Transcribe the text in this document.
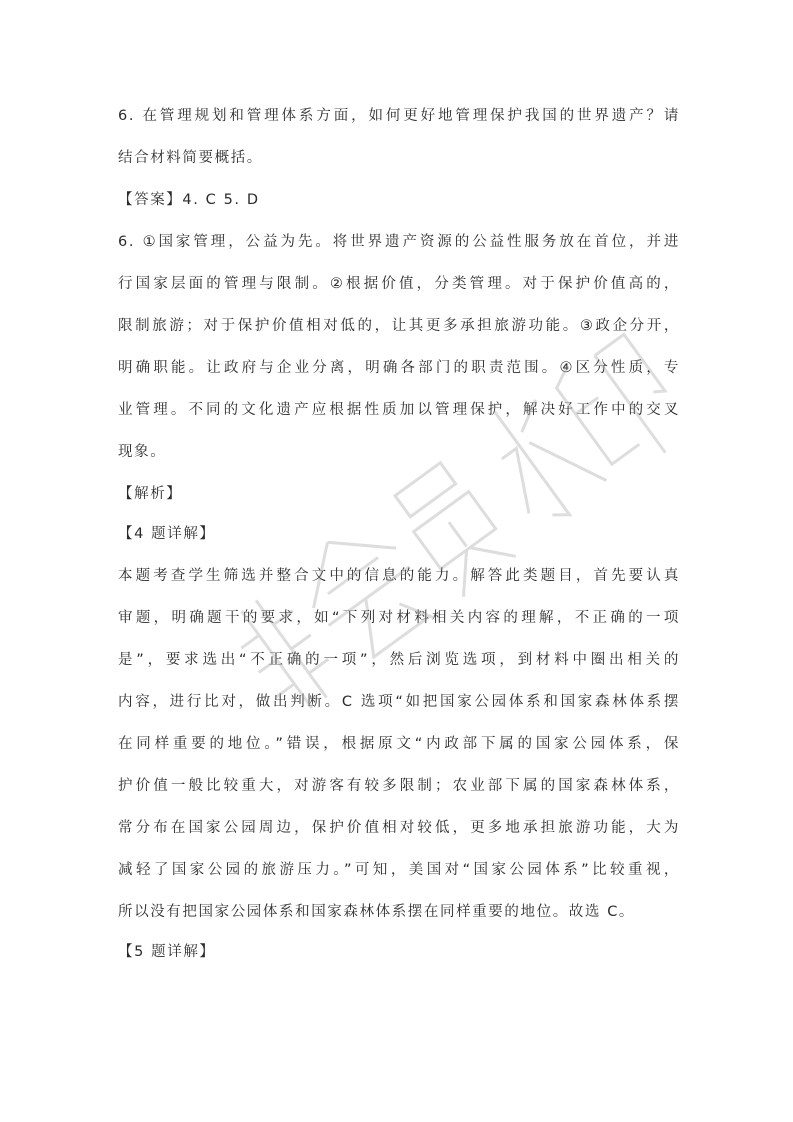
6. 在管理规划和管理体系方面，如何更好地管理保护我国的世界遗产？请
结合材料简要概括。
【答案】4. C 5. D
6. ①国家管理，公益为先。将世界遗产资源的公益性服务放在首位，并进
行国家层面的管理与限制。②根据价值，分类管理。对于保护价值高的，
限制旅游；对于保护价值相对低的，让其更多承担旅游功能。③政企分开，
明确职能。让政府与企业分离，明确各部门的职责范围。④区分性质，专
业管理。不同的文化遗产应根据性质加以管理保护，解决好工作中的交叉
现象。
【解析】
【4 题详解】
本题考查学生筛选并整合文中的信息的能力。解答此类题目，首先要认真
审题，明确题干的要求，如“下列对材料相关内容的理解，不正确的一项
是”，要求选出“不正确的一项”，然后浏览选项，到材料中圈出相关的
内容，进行比对，做出判断。C 选项“如把国家公园体系和国家森林体系摆
在同样重要的地位。”错误，根据原文“内政部下属的国家公园体系，保
护价值一般比较重大，对游客有较多限制；农业部下属的国家森林体系，
常分布在国家公园周边，保护价值相对较低，更多地承担旅游功能，大为
减轻了国家公园的旅游压力。”可知，美国对“国家公园体系”比较重视，
所以没有把国家公园体系和国家森林体系摆在同样重要的地位。故选 C。
【5 题详解】
